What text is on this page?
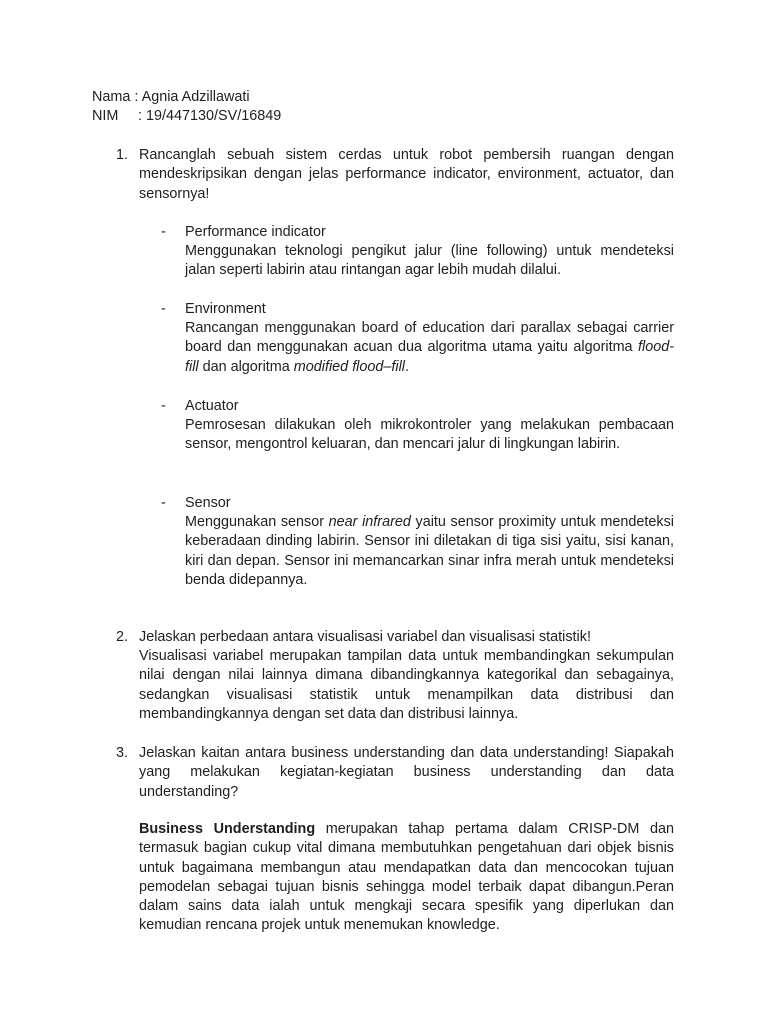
Nama : Agnia Adzillawati
NIM : 19/447130/SV/16849
1. Rancanglah sebuah sistem cerdas untuk robot pembersih ruangan dengan mendeskripsikan dengan jelas performance indicator, environment, actuator, dan sensornya!
- Performance indicator
Menggunakan teknologi pengikut jalur (line following) untuk mendeteksi jalan seperti labirin atau rintangan agar lebih mudah dilalui.
- Environment
Rancangan menggunakan board of education dari parallax sebagai carrier board dan menggunakan acuan dua algoritma utama yaitu algoritma flood-fill dan algoritma modified flood–fill.
- Actuator
Pemrosesan dilakukan oleh mikrokontroler yang melakukan pembacaan sensor, mengontrol keluaran, dan mencari jalur di lingkungan labirin.
- Sensor
Menggunakan sensor near infrared yaitu sensor proximity untuk mendeteksi keberadaan dinding labirin. Sensor ini diletakan di tiga sisi yaitu, sisi kanan, kiri dan depan. Sensor ini memancarkan sinar infra merah untuk mendeteksi benda didepannya.
2. Jelaskan perbedaan antara visualisasi variabel dan visualisasi statistik!
Visualisasi variabel merupakan tampilan data untuk membandingkan sekumpulan nilai dengan nilai lainnya dimana dibandingkannya kategorikal dan sebagainya, sedangkan visualisasi statistik untuk menampilkan data distribusi dan membandingkannya dengan set data dan distribusi lainnya.
3. Jelaskan kaitan antara business understanding dan data understanding! Siapakah yang melakukan kegiatan-kegiatan business understanding dan data understanding?
Business Understanding merupakan tahap pertama dalam CRISP-DM dan termasuk bagian cukup vital dimana membutuhkan pengetahuan dari objek bisnis untuk bagaimana membangun atau mendapatkan data dan mencocokan tujuan pemodelan sebagai tujuan bisnis sehingga model terbaik dapat dibangun.Peran dalam sains data ialah untuk mengkaji secara spesifik yang diperlukan dan kemudian rencana projek untuk menemukan knowledge.
